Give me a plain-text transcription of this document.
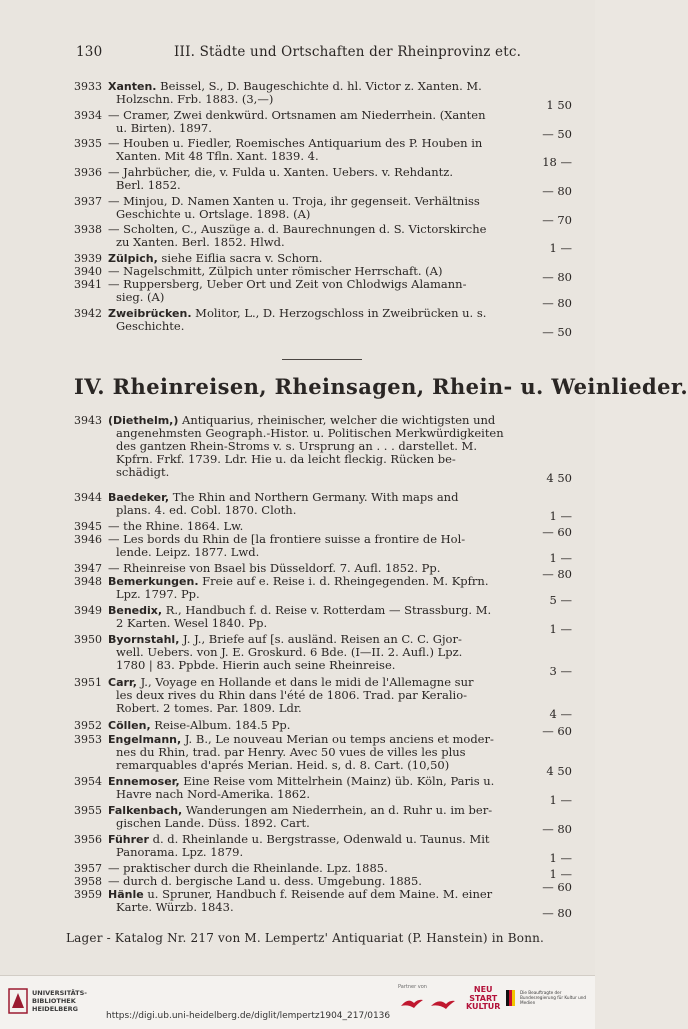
130	III. Städte und Ortschaften der Rheinprovinz etc.
3933 Xanten. Beissel, S., D. Baugeschichte d. hl. Victor z. Xanten. M.
Holzschn. Frb. 1883. (3,—)	1 50
3934 — Cramer, Zwei denkwürd. Ortsnamen am Niederrhein. (Xanten
u. Birten). 1897.	— 50
3935 — Houben u. Fiedler, Roemisches Antiquarium des P. Houben in
Xanten. Mit 48 Tfln. Xant. 1839. 4.	18 —
3936 — Jahrbücher, die, v. Fulda u. Xanten. Uebers. v. Rehdantz.
Berl. 1852.	— 80
3937 — Minjou, D. Namen Xanten u. Troja, ihr gegenseit. Verhältniss
Geschichte u. Ortslage. 1898. (A)	— 70
3938 — Scholten, C., Auszüge a. d. Baurechnungen d. S. Victorskirche
zu Xanten. Berl. 1852. Hlwd.	1 —
3939 Zülpich, siehe Eiflia sacra v. Schorn.
3940 — Nagelschmitt, Zülpich unter römischer Herrschaft. (A)	— 80
3941 — Ruppersberg, Ueber Ort und Zeit von Chlodwigs Alamann-
sieg. (A)	— 80
3942 Zweibrücken. Molitor, L., D. Herzogschloss in Zweibrücken u. s.
Geschichte.	— 50
IV. Rheinreisen, Rheinsagen, Rhein- u. Weinlieder.
3943 (Diethelm,) Antiquarius, rheinischer, welcher die wichtigsten und
angenehmsten Geograph.-Histor. u. Politischen Merkwürdigkeiten
des gantzen Rhein-Stroms v. s. Ursprung an . . . darstellet. M.
Kpfrn. Frkf. 1739. Ldr. Hie u. da leicht fleckig. Rücken be-
schädigt.	4 50
3944 Baedeker, The Rhin and Northern Germany. With maps and
plans. 4. ed. Cobl. 1870. Cloth.	1 —
3945 — the Rhine. 1864. Lw.	— 60
3946 — Les bords du Rhin de [la frontiere suisse a frontire de Hol-
lende. Leipz. 1877. Lwd.	1 —
3947 — Rheinreise von Bsael bis Düsseldorf. 7. Aufl. 1852. Pp.	— 80
3948 Bemerkungen. Freie auf e. Reise i. d. Rheingegenden. M. Kpfrn.
Lpz. 1797. Pp.	5 —
3949 Benedix, R., Handbuch f. d. Reise v. Rotterdam — Strassburg. M.
2 Karten. Wesel 1840. Pp.	1 —
3950 Byornstahl, J. J., Briefe auf [s. ausländ. Reisen an C. C. Gjor-
well. Uebers. von J. E. Groskurd. 6 Bde. (I—II. 2. Aufl.) Lpz.
1780 | 83. Ppbde. Hierin auch seine Rheinreise.	3 —
3951 Carr, J., Voyage en Hollande et dans le midi de l'Allemagne sur
les deux rives du Rhin dans l'été de 1806. Trad. par Keralio-
Robert. 2 tomes. Par. 1809. Ldr.	4 —
3952 Cöllen, Reise-Album. 184.5 Pp.	— 60
3953 Engelmann, J. B., Le nouveau Merian ou temps anciens et moder-
nes du Rhin, trad. par Henry. Avec 50 vues de villes les plus
remarquables d'aprés Merian. Heid. s, d. 8. Cart. (10,50)	4 50
3954 Ennemoser, Eine Reise vom Mittelrhein (Mainz) üb. Köln, Paris u.
Havre nach Nord-Amerika. 1862.	1 —
3955 Falkenbach, Wanderungen am Niederrhein, an d. Ruhr u. im ber-
gischen Lande. Düss. 1892. Cart.	— 80
3956 Führer d. d. Rheinlande u. Bergstrasse, Odenwald u. Taunus. Mit
Panorama. Lpz. 1879.	1 —
3957 — praktischer durch die Rheinlande. Lpz. 1885.	1 —
3958 — durch d. bergische Land u. dess. Umgebung. 1885.	— 60
3959 Hänle u. Spruner, Handbuch f. Reisende auf dem Maine. M. einer
Karte. Würzb. 1843.	— 80
Lager - Katalog Nr. 217 von M. Lempertz' Antiquariat (P. Hanstein) in Bonn.
UNIVERSITÄTS-
BIBLIOTHEK
HEIDELBERG
Partner von	NEU
START
KULTUR
Die Beauftragte der Bundesregierung für Kultur und Medien
https://digi.ub.uni-heidelberg.de/diglit/lempertz1904_217/0136
